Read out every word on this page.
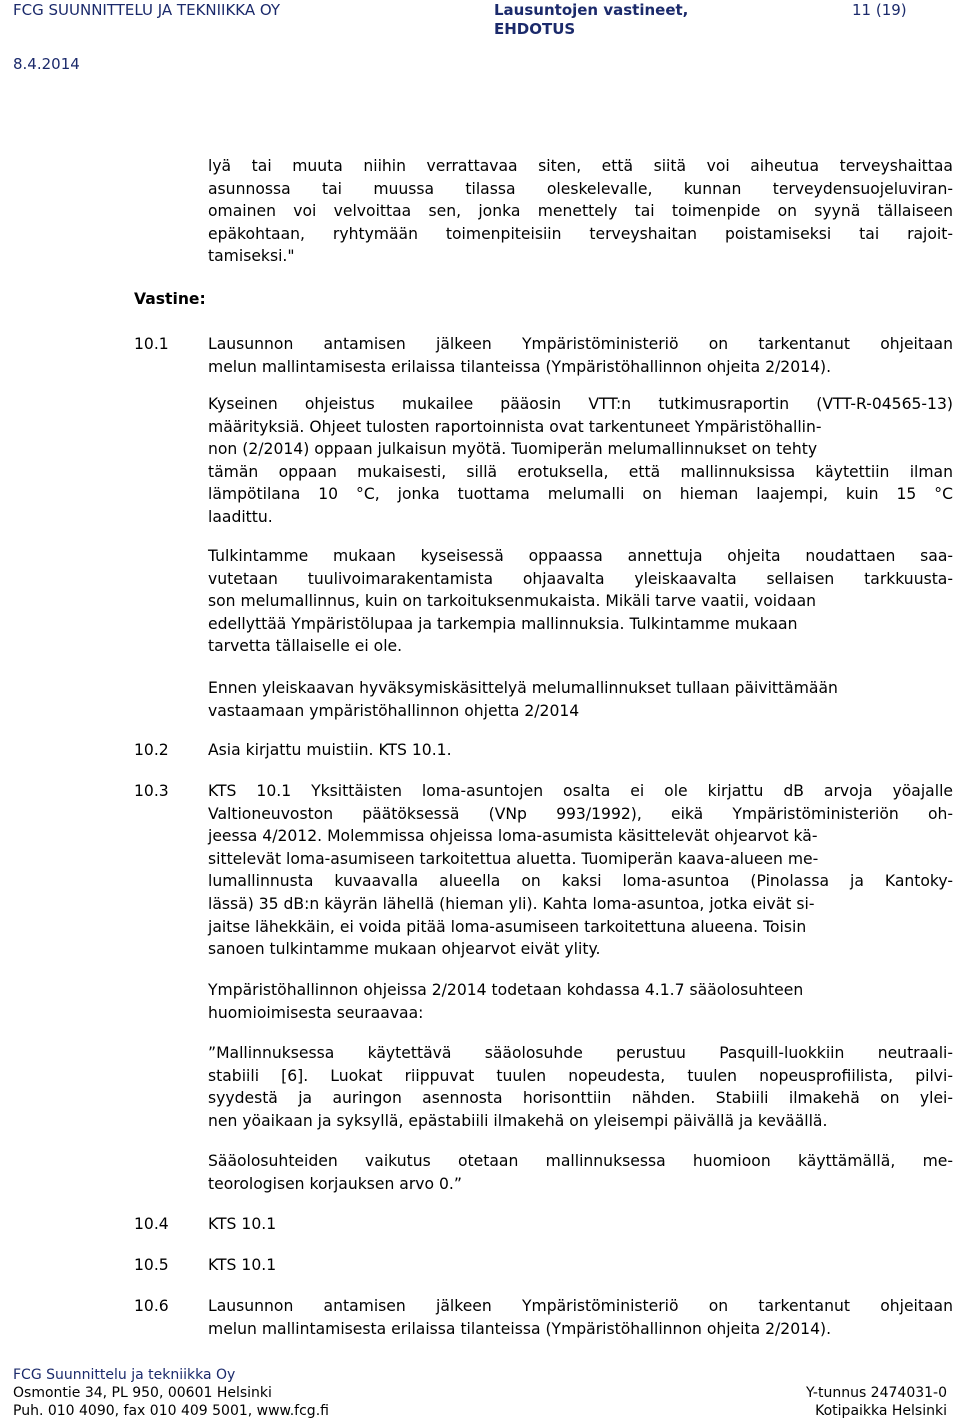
FCG SUUNNITTELU JA TEKNIIKKA OY
8.4.2014
Lausuntojen vastineet,
EHDOTUS
11 (19)
lyä tai muuta niihin verrattavaa siten, että siitä voi aiheutua terveyshaittaa
asunnossa tai muussa tilassa oleskelevalle, kunnan terveydensuojeluviran-
omainen voi velvoittaa sen, jonka menettely tai toimenpide on syynä tällaiseen
epäkohtaan, ryhtymään toimenpiteisiin terveyshaitan poistamiseksi tai rajoit-
tamiseksi."
Vastine:
10.1	Lausunnon antamisen jälkeen Ympäristöministeriö on tarkentanut ohjeitaan
melun mallintamisesta erilaissa tilanteissa (Ympäristöhallinnon ohjeita 2/2014).
Kyseinen ohjeistus mukailee pääosin VTT:n tutkimusraportin (VTT-R-04565-13)
määrityksiä. Ohjeet tulosten raportoinnista ovat tarkentuneet Ympäristöhallin-
non (2/2014) oppaan julkaisun myötä. Tuomiperän melumallinnukset on tehty
tämän oppaan mukaisesti, sillä erotuksella, että mallinnuksissa käytettiin ilman
lämpötilana 10 °C, jonka tuottama melumalli on hieman laajempi, kuin 15 °C
laadittu.
Tulkintamme mukaan kyseisessä oppaassa annettuja ohjeita noudattaen saa-
vutetaan tuulivoimarakentamista ohjaavalta yleiskaavalta sellaisen tarkkuusta-
son melumallinnus, kuin on tarkoituksenmukaista. Mikäli tarve vaatii, voidaan
edellyttää Ympäristölupaa ja tarkempia mallinnuksia. Tulkintamme mukaan
tarvetta tällaiselle ei ole.
Ennen yleiskaavan hyväksymiskäsittelyä melumallinnukset tullaan päivittämään
vastaamaan ympäristöhallinnon ohjetta 2/2014
10.2	Asia kirjattu muistiin. KTS 10.1.
10.3	KTS 10.1 Yksittäisten loma-asuntojen osalta ei ole kirjattu dB arvoja yöajalle
Valtioneuvoston päätöksessä (VNp 993/1992), eikä Ympäristöministeriön oh-
jeessa 4/2012. Molemmissa ohjeissa loma-asumista käsittelevät ohjearvot kä-
sittelevät loma-asumiseen tarkoitettua aluetta. Tuomiperän kaava-alueen me-
lumallinnusta kuvaavalla alueella on kaksi loma-asuntoa (Pinolassa ja Kantoky-
lässä) 35 dB:n käyrän lähellä (hieman yli). Kahta loma-asuntoa, jotka eivät si-
jaitse lähekkäin, ei voida pitää loma-asumiseen tarkoitettuna alueena. Toisin
sanoen tulkintamme mukaan ohjearvot eivät ylity.
Ympäristöhallinnon ohjeissa 2/2014 todetaan kohdassa 4.1.7 sääolosuhteen
huomioimisesta seuraavaa:
”Mallinnuksessa käytettävä sääolosuhde perustuu Pasquill-luokkiin neutraali-
stabiili [6]. Luokat riippuvat tuulen nopeudesta, tuulen nopeusprofiilista, pilvi-
syydestä ja auringon asennosta horisonttiin nähden. Stabiili ilmakehä on ylei-
nen yöaikaan ja syksyllä, epästabiili ilmakehä on yleisempi päivällä ja keväällä.
Sääolosuhteiden vaikutus otetaan mallinnuksessa huomioon käyttämällä, me-
teorologisen korjauksen arvo 0.”
10.4	KTS 10.1
10.5	KTS 10.1
10.6	Lausunnon antamisen jälkeen Ympäristöministeriö on tarkentanut ohjeitaan
melun mallintamisesta erilaissa tilanteissa (Ympäristöhallinnon ohjeita 2/2014).
FCG Suunnittelu ja tekniikka Oy
Osmontie 34, PL 950, 00601 Helsinki
Puh. 010 4090, fax 010 409 5001, www.fcg.fi
Y-tunnus 2474031-0
Kotipaikka Helsinki
